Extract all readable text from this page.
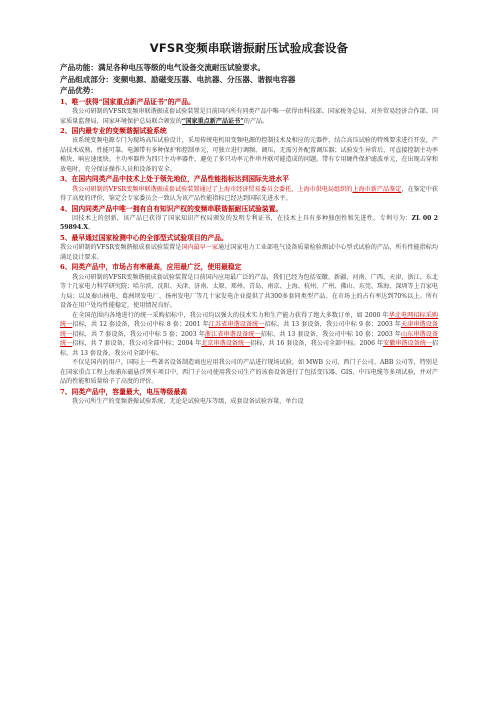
VFSR变频串联谐振耐压试验成套设备
产品功能：满足各种电压等级的电气设备交流耐压试验要求。
产品组成部分：变频电源、励磁变压器、电抗器、分压器、谐振电容器
产品优势：
1、唯一获得“国家重点新产品证书”的产品。

我公司研制的VFSR变频串联谐振成套试验装置是目前国内所有同类产品中唯一获得由科技部、国家税务总局、对外贸易经济合作部、国家质量监督局、国家环境保护总局联合颁发的“国家重点新产品证书”的产品。

2、国内最专业的变频谐振试验系统

该系统变频电源专门为现场高压试验设计，采用传统电机用变频电源的控制技术及相应的元器件，结合高压试验的特殊要求进行开发，产品技术成熟，性能可靠。电源带有多种保护和控制单元，可独立进行调频、调压，无需另外配置调压器；试验发生异常后，可直接控制主功率模块，响应速度快。主功率器件为四只主功率器件，避免了多只功率元件串并联可能造成的问题。带有专用硬件保护滤波单元，在出现击穿和放电时，充分保证操作人员和设备的安全。

3、在国内同类产品中技术上处于领先地位，产品性能指标达到国际先进水平

我公司研制的VFSR变频串联谐振成套试验装置通过了上海市经济贸易委员会委托，上海市供电局组织的上海市新产品鉴定，在鉴定中获得了高度的评价，鉴定会专家委员会一致认为该产品性能指标已经达到国际先进水平。

4、国内同类产品中唯一拥有自有知识产权的变频串联谐振耐压试验装置。

因技术上的创新，该产品已获得了国家知识产权局颁发的发明专利证书，在技术上具有多种独创性和先进性。专利号为：ZL 00 2 59894.X。

5、最早通过国家检测中心的全部型式试验项目的产品。

我公司研制的VFSR变频谐振成套试验装置是国内最早一家通过国家电力工业部电气设备质量检验测试中心型式试验的产品，所有性能指标均满足设计要求。

6、同类产品中，市场占有率最高，应用最广泛，使用最稳定

我公司研制的VFSR变频谐振成套试验装置是目前国内应用最广泛的产品，我们已经为包括安徽、新疆、河南、广西、天津、浙江、东北等十几家电力科学研究院；哈尔滨、沈阳、天津、济南、太原、郑州、青岛、南京、上海、杭州、广州、佛山、东莞、珠海、深圳等上百家电力局；以及秦山核电、葛洲坝发电厂、扬州发电厂等几十家发电企业提供了共300多套同类型产品。在市场上的占有率达到70%以上。所有设备在用户处均性能稳定，使用情况良好。

在全国范围内各地进行的统一采购招标中，我公司均以强大的技术实力和生产能力获得了绝大多数订单，如 2000 年华北电网招标采购统一招标，共 12 套设备，我公司中标 8 套；2001 年江苏省串谐设备统一招标，共 13 套设备，我公司中标 9 套；2003 年天津串谐设备统一招标，共 7 套设备，我公司中标 5 套；2003 年浙江省串谐设备统一招标，共 13 套设备，我公司中标 10 套；2003 年山东串谐设备统一招标，共 7 套设备，我公司全部中标；2004 年北京串谐设备统一招标，共 16 套设备，我公司全部中标。2006 年安徽串谐设备统一招标，共 13 套设备，我公司全部中标。

不仅是国内的用户，国际上一些著名设备制造商也应用我公司的产品进行现场试验，如 MWB 公司、西门子公司、ABB 公司等，特别是在国家重点工程上海浦东磁悬浮列车项目中，西门子公司使用我公司生产的该套设备进行了包括变压器、GIS、中压电缆等多项试验，并对产品的性能和质量给予了高度的评价。

7、同类产品中，容量最大，电压等级最高

我公司所生产的变频谐振试验系统，无论是试验电压等级，成套设备试验容量，单台设
